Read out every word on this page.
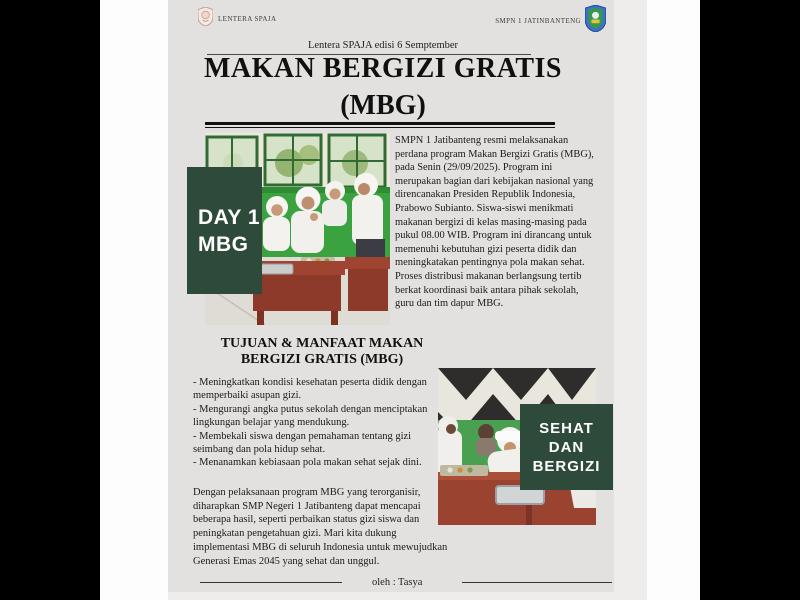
LENTERA SPAJA	SMPN 1 JATINBANTENG
Lentera SPAJA edisi 6 Semptember
MAKAN BERGIZI GRATIS
(MBG)
DAY 1
MBG
SMPN 1 Jatibanteng resmi melaksanakan perdana program Makan Bergizi Gratis (MBG), pada Senin (29/09/2025). Program ini merupakan bagian dari kebijakan nasional yang direncanakan Presiden Republik Indonesia, Prabowo Subianto. Siswa-siswi menikmati makanan bergizi di kelas masing-masing pada pukul 08.00 WIB. Program ini dirancang untuk memenuhi kebutuhan gizi peserta didik dan meningkatakan pentingnya pola makan sehat. Proses distribusi makanan berlangsung tertib berkat koordinasi baik antara pihak sekolah, guru dan tim dapur MBG.
TUJUAN & MANFAAT MAKAN
BERGIZI GRATIS (MBG)
- Meningkatkan kondisi kesehatan peserta didik dengan memperbaiki asupan gizi.
- Mengurangi angka putus sekolah dengan menciptakan lingkungan belajar yang mendukung.
- Membekali siswa dengan pemahaman tentang gizi seimbang dan pola hidup sehat.
- Menanamkan kebiasaan pola makan sehat sejak dini.
Dengan pelaksanaan program MBG yang terorganisir, diharapkan SMP Negeri 1 Jatibanteng dapat mencapai beberapa hasil, seperti perbaikan status gizi siswa dan peningkatan pengetahuan gizi. Mari kita dukung implementasi MBG di seluruh Indonesia untuk mewujudkan Generasi Emas 2045 yang sehat dan unggul.
SEHAT
DAN
BERGIZI
oleh : Tasya
